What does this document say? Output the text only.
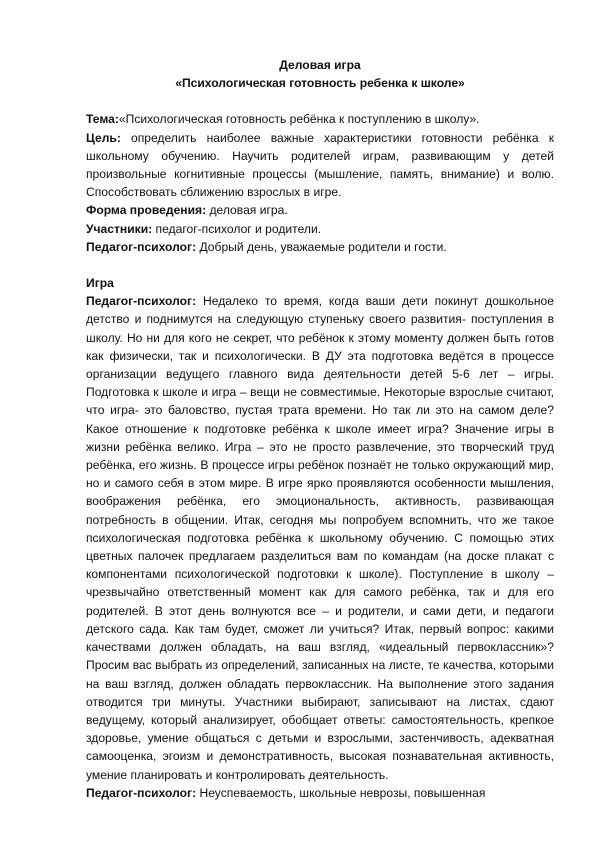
Деловая игра
«Психологическая готовность ребенка к школе»

Тема:«Психологическая готовность ребёнка к поступлению в школу».

Цель: определить наиболее важные характеристики готовности ребёнка к школьному обучению. Научить родителей играм, развивающим у детей произвольные когнитивные процессы (мышление, память, внимание) и волю. Способствовать сближению взрослых в игре.

Форма проведения: деловая игра.

Участники: педагог-психолог и родители.

Педагог-психолог: Добрый день, уважаемые родители и гости.

Игра

Педагог-психолог: Недалеко то время, когда ваши дети покинут дошкольное детство и поднимутся на следующую ступеньку своего развития- поступления в школу. Но ни для кого не секрет, что ребёнок к этому моменту должен быть готов как физически, так и психологически. В ДУ эта подготовка ведётся в процессе организации ведущего главного вида деятельности детей 5-6 лет – игры. Подготовка к школе и игра – вещи не совместимые. Некоторые взрослые считают, что игра- это баловство, пустая трата времени. Но так ли это на самом деле? Какое отношение к подготовке ребёнка к школе имеет игра? Значение игры в жизни ребёнка велико. Игра – это не просто развлечение, это творческий труд ребёнка, его жизнь. В процессе игры ребёнок познаёт не только окружающий мир, но и самого себя в этом мире. В игре ярко проявляются особенности мышления, воображения ребёнка, его эмоциональность, активность, развивающая потребность в общении. Итак, сегодня мы попробуем вспомнить, что же такое психологическая подготовка ребёнка к школьному обучению. С помощью этих цветных палочек предлагаем разделиться вам по командам (на доске плакат с компонентами психологической подготовки к школе). Поступление в школу – чрезвычайно ответственный момент как для самого ребёнка, так и для его родителей. В этот день волнуются все – и родители, и сами дети, и педагоги детского сада. Как там будет, сможет ли учиться? Итак, первый вопрос: какими качествами должен обладать, на ваш взгляд, «идеальный первоклассник»? Просим вас выбрать из определений, записанных на листе, те качества, которыми на ваш взгляд, должен обладать первоклассник. На выполнение этого задания отводится три минуты. Участники выбирают, записывают на листах, сдают ведущему, который анализирует, обобщает ответы: самостоятельность, крепкое здоровье, умение общаться с детьми и взрослыми, застенчивость, адекватная самооценка, эгоизм и демонстративность, высокая познавательная активность, умение планировать и контролировать деятельность.

Педагог-психолог: Неуспеваемость, школьные неврозы, повышенная
